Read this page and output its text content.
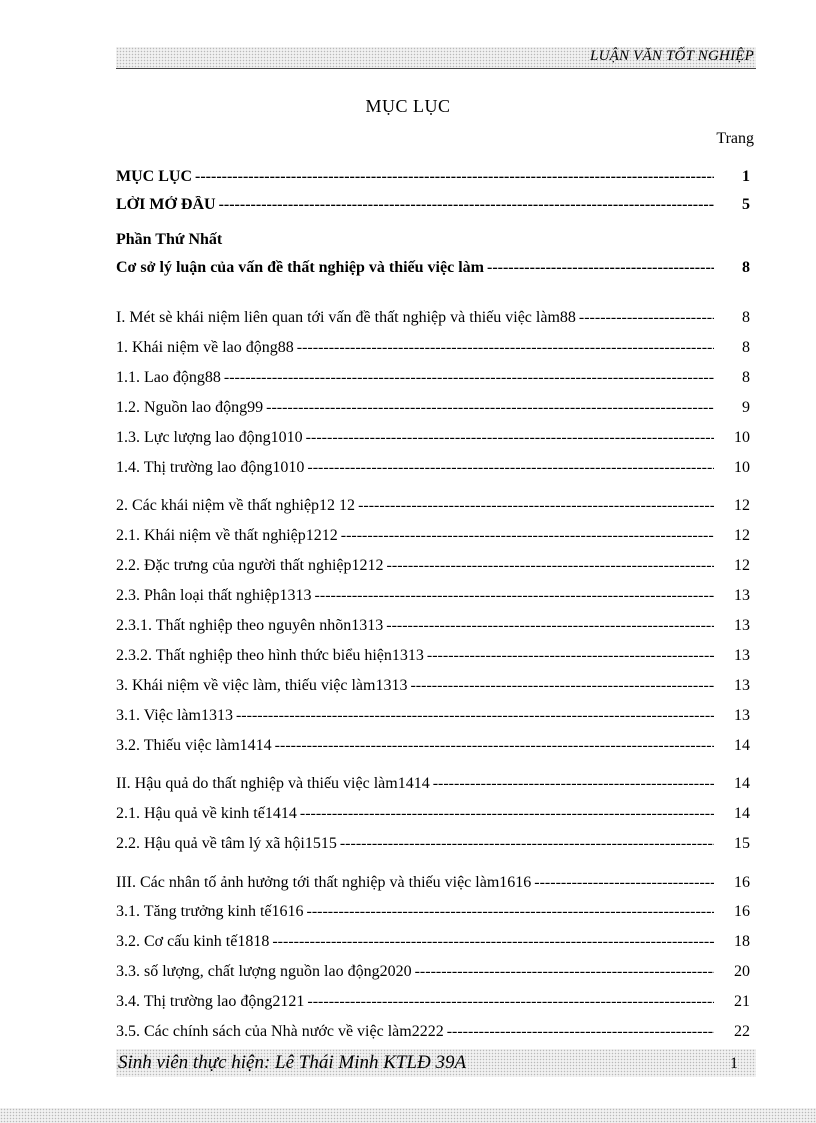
LUẬN VĂN TỐT NGHIỆP
MỤC LỤC
Trang
MỤC LỤC -----	1
LỜI MỞ ĐẦU -----	5
Phần Thứ Nhất
Cơ sở lý luận của vấn đề thất nghiệp và thiếu việc làm -----	8
I. Mét sè khái niệm liên quan tới vấn đề thất nghiệp và thiếu việc làm88 -----	8
1. Khái niệm về lao động88 -----	8
1.1. Lao động88 -----	8
1.2. Nguồn lao động99 -----	9
1.3. Lực lượng lao động1010 -----	10
1.4. Thị trường lao động1010 -----	10
2. Các khái niệm về thất nghiệp12 12 -----	12
2.1. Khái niệm về thất nghiệp1212 -----	12
2.2. Đặc trưng của người thất nghiệp1212 -----	12
2.3. Phân loại thất nghiệp1313 -----	13
2.3.1. Thất nghiệp theo nguyên nhõn1313 -----	13
2.3.2. Thất nghiệp theo hình thức biểu hiện1313 -----	13
3. Khái niệm về việc làm, thiếu việc làm1313 -----	13
3.1. Việc làm1313 -----	13
3.2. Thiếu việc làm1414 -----	14
II. Hậu quả do thất nghiệp và thiếu việc làm1414 -----	14
2.1. Hậu quả về kinh tế1414 -----	14
2.2. Hậu quả về tâm lý xã hội1515 -----	15
III. Các nhân tố ảnh hưởng tới thất nghiệp và thiếu việc làm1616 -----	16
3.1. Tăng trưởng kinh tế1616 -----	16
3.2. Cơ cấu kinh tế1818 -----	18
3.3. số lượng, chất lượng nguồn lao động2020 -----	20
3.4. Thị trường lao động2121 -----	21
3.5. Các chính sách của Nhà nước về việc làm2222 -----	22
Sinh viên thực hiện: Lê Thái Minh KTLĐ 39A	1
